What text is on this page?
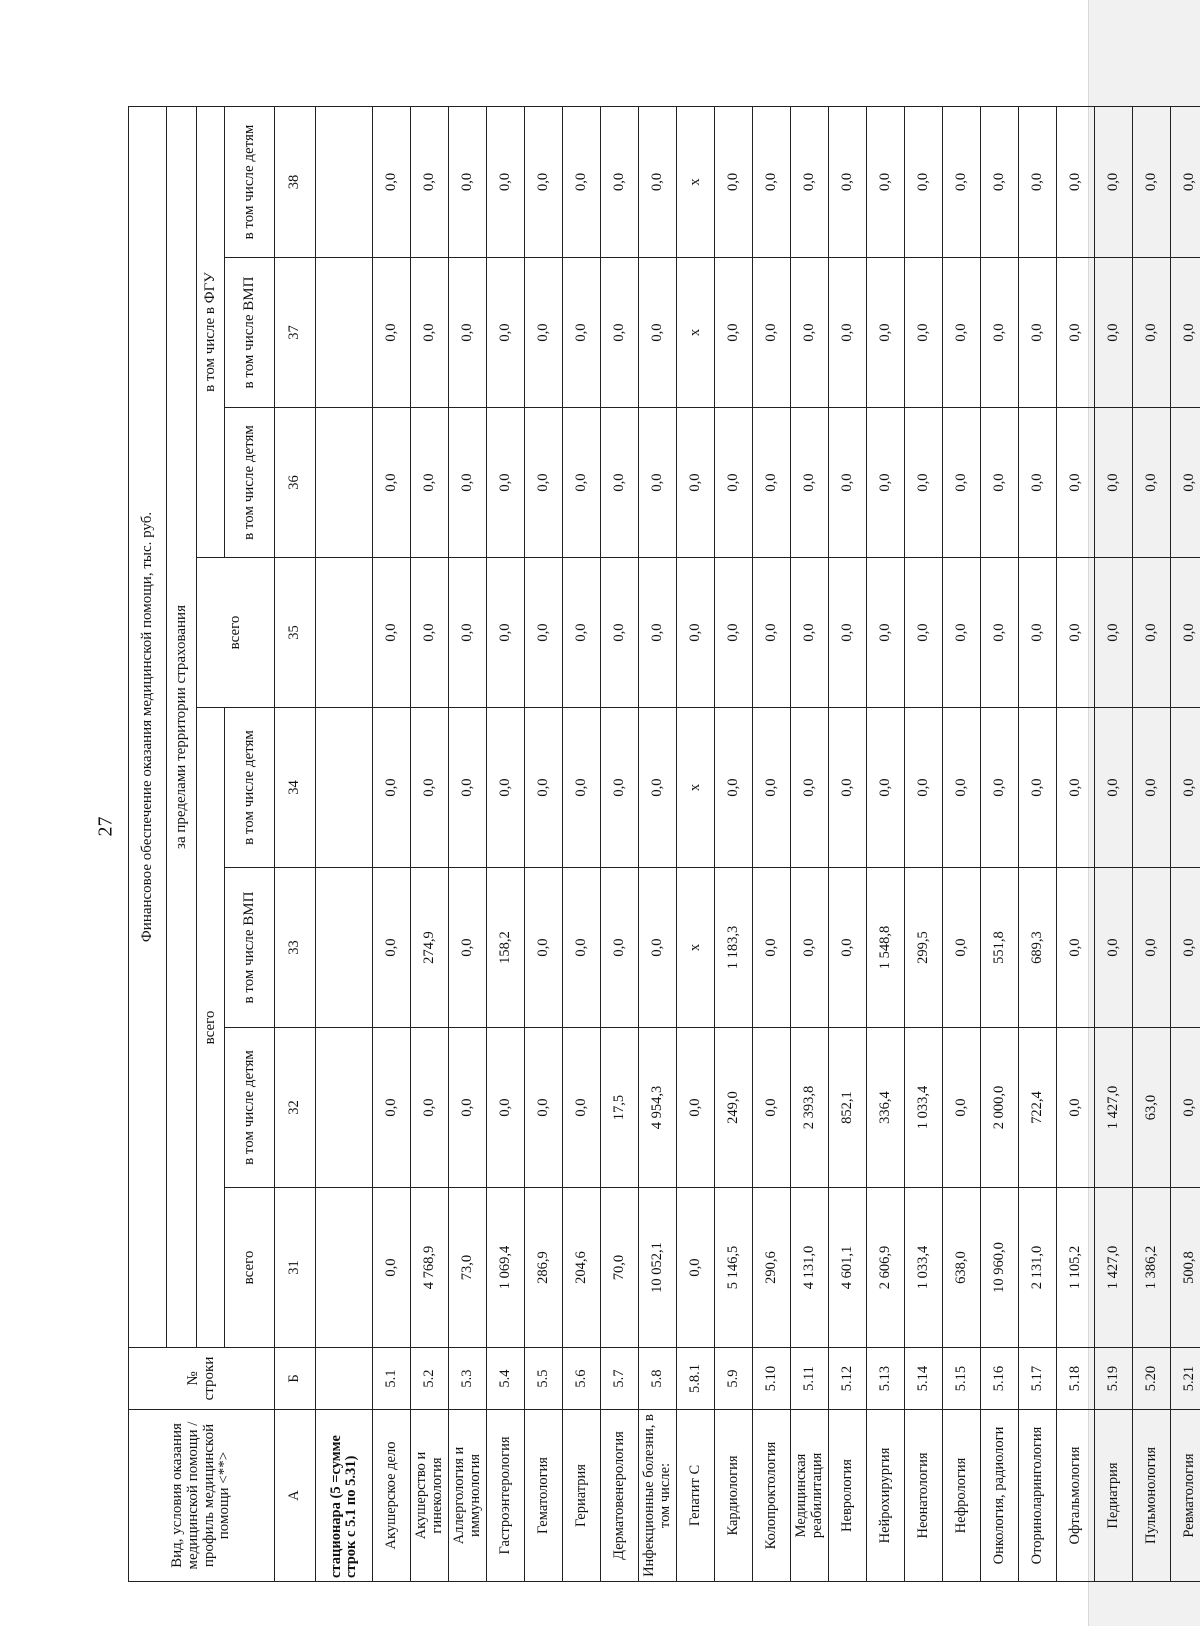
27
Вид, условия оказания медицинской помощи / профиль медицинской помощи <**>	№ строки	Финансовое обеспечение оказания медицинской помощи, тыс. руб.							
		за пределами территории страхования							
		всего				всего	в том числе в ФГУ		
		всего	в том числе детям	в том числе ВМП	в том числе детям		в том числе детям	в том числе ВМП	в том числе детям
А	Б	31	32	33	34	35	36	37	38
стационара (5 =сумме строк с 5.1 по 5.31)									
Акушерское дело	5.1	0,0	0,0	0,0	0,0	0,0	0,0	0,0	0,0
Акушерство и гинекология	5.2	4 768,9	0,0	274,9	0,0	0,0	0,0	0,0	0,0
Аллергология и иммунология	5.3	73,0	0,0	0,0	0,0	0,0	0,0	0,0	0,0
Гастроэнтерология	5.4	1 069,4	0,0	158,2	0,0	0,0	0,0	0,0	0,0
Гематология	5.5	286,9	0,0	0,0	0,0	0,0	0,0	0,0	0,0
Гериатрия	5.6	204,6	0,0	0,0	0,0	0,0	0,0	0,0	0,0
Дерматовенерология	5.7	70,0	17,5	0,0	0,0	0,0	0,0	0,0	0,0
Инфекционные болезни, в том числе:	5.8	10 052,1	4 954,3	0,0	0,0	0,0	0,0	0,0	0,0
Гепатит С	5.8.1	0,0	0,0	x	x	0,0	0,0	x	x
Кардиология	5.9	5 146,5	249,0	1 183,3	0,0	0,0	0,0	0,0	0,0
Колопроктология	5.10	290,6	0,0	0,0	0,0	0,0	0,0	0,0	0,0
Медицинская реабилитация	5.11	4 131,0	2 393,8	0,0	0,0	0,0	0,0	0,0	0,0
Неврология	5.12	4 601,1	852,1	0,0	0,0	0,0	0,0	0,0	0,0
Нейрохирургия	5.13	2 606,9	336,4	1 548,8	0,0	0,0	0,0	0,0	0,0
Неонатология	5.14	1 033,4	1 033,4	299,5	0,0	0,0	0,0	0,0	0,0
Нефрология	5.15	638,0	0,0	0,0	0,0	0,0	0,0	0,0	0,0
Онкология, радиологи	5.16	10 960,0	2 000,0	551,8	0,0	0,0	0,0	0,0	0,0
Оториноларингология	5.17	2 131,0	722,4	689,3	0,0	0,0	0,0	0,0	0,0
Офтальмология	5.18	1 105,2	0,0	0,0	0,0	0,0	0,0	0,0	0,0
Педиатрия	5.19	1 427,0	1 427,0	0,0	0,0	0,0	0,0	0,0	0,0
Пульмонология	5.20	1 386,2	63,0	0,0	0,0	0,0	0,0	0,0	0,0
Ревматология	5.21	500,8	0,0	0,0	0,0	0,0	0,0	0,0	0,0
